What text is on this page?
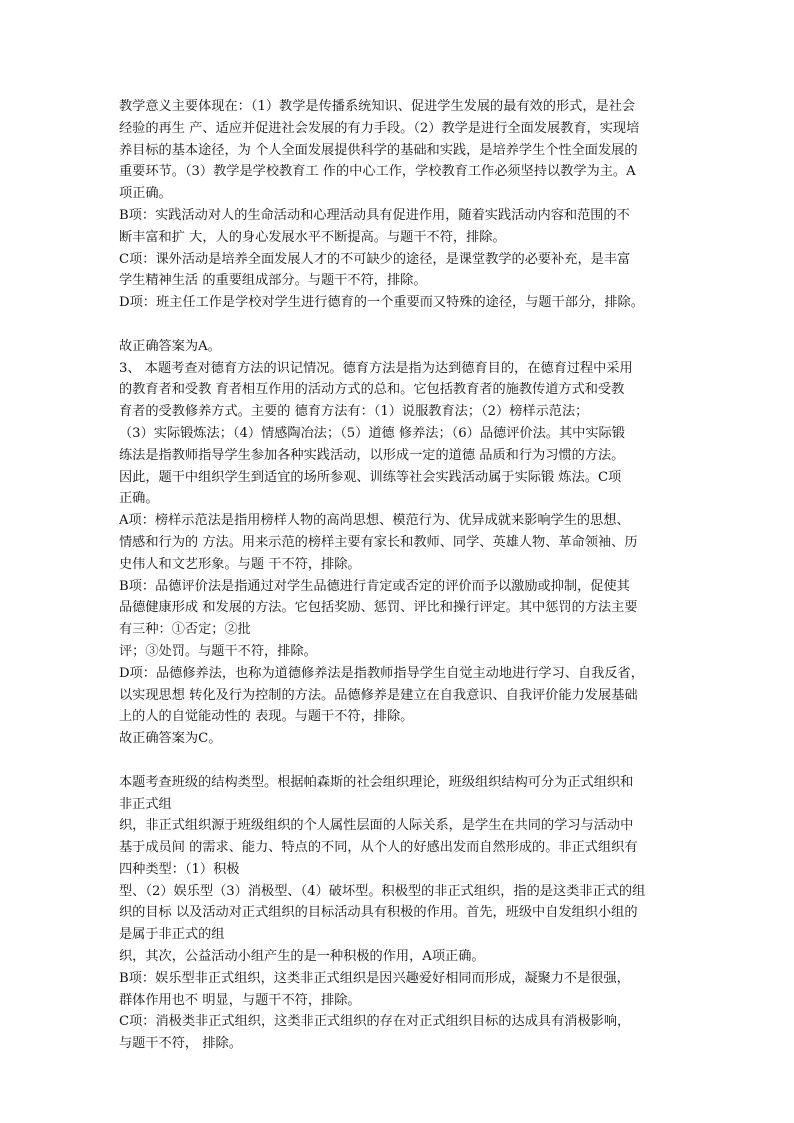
教学意义主要体现在：（1）教学是传播系统知识、促进学生发展的最有效的形式，是社会
经验的再生 产、适应并促进社会发展的有力手段。（2）教学是进行全面发展教育，实现培
养目标的基本途径，为 个人全面发展提供科学的基础和实践，是培养学生个性全面发展的
重要环节。（3）教学是学校教育工 作的中心工作，学校教育工作必须坚持以教学为主。A
项正确。
B项：实践活动对人的生命活动和心理活动具有促进作用，随着实践活动内容和范围的不
断丰富和扩 大，人的身心发展水平不断提高。与题干不符，排除。
C项：课外活动是培养全面发展人才的不可缺少的途径，是课堂教学的必要补充，是丰富
学生精神生活 的重要组成部分。与题干不符，排除。
D项：班主任工作是学校对学生进行德育的一个重要而又特殊的途径，与题干部分，排除。
故正确答案为A。
3、 本题考查对德育方法的识记情况。德育方法是指为达到德育目的，在德育过程中采用
的教育者和受教 育者相互作用的活动方式的总和。它包括教育者的施教传道方式和受教
育者的受教修养方式。主要的 德育方法有：（1）说服教育法；（2）榜样示范法；
（3）实际锻炼法；（4）情感陶冶法；（5）道德 修养法；（6）品德评价法。其中实际锻
练法是指教师指导学生参加各种实践活动，以形成一定的道德 品质和行为习惯的方法。
因此，题干中组织学生到适宜的场所参观、训练等社会实践活动属于实际锻 炼法。C项
正确。
A项：榜样示范法是指用榜样人物的高尚思想、模范行为、优异成就来影响学生的思想、
情感和行为的 方法。用来示范的榜样主要有家长和教师、同学、英雄人物、革命领袖、历
史伟人和文艺形象。与题 干不符，排除。
B项：品德评价法是指通过对学生品德进行肯定或否定的评价而予以激励或抑制，促使其
品德健康形成 和发展的方法。它包括奖励、惩罚、评比和操行评定。其中惩罚的方法主要
有三种：①否定；②批
评；③处罚。与题干不符，排除。
D项：品德修养法，也称为道德修养法是指教师指导学生自觉主动地进行学习、自我反省，
以实现思想 转化及行为控制的方法。品德修养是建立在自我意识、自我评价能力发展基础
上的人的自觉能动性的 表现。与题干不符，排除。
故正确答案为C。
本题考查班级的结构类型。根据帕森斯的社会组织理论，班级组织结构可分为正式组织和
非正式组
织，非正式组织源于班级组织的个人属性层面的人际关系，是学生在共同的学习与活动中
基于成员间 的需求、能力、特点的不同，从个人的好感出发而自然形成的。非正式组织有
四种类型：（1）积极
型、（2）娱乐型（3）消极型、（4）破坏型。积极型的非正式组织，指的是这类非正式的组
织的目标 以及活动对正式组织的目标活动具有积极的作用。首先，班级中自发组织小组的
是属于非正式的组
织，其次，公益活动小组产生的是一种积极的作用，A项正确。
B项：娱乐型非正式组织，这类非正式组织是因兴趣爱好相同而形成，凝聚力不是很强，
群体作用也不 明显，与题干不符，排除。
C项：消极类非正式组织，这类非正式组织的存在对正式组织目标的达成具有消极影响，
与题干不符， 排除。
